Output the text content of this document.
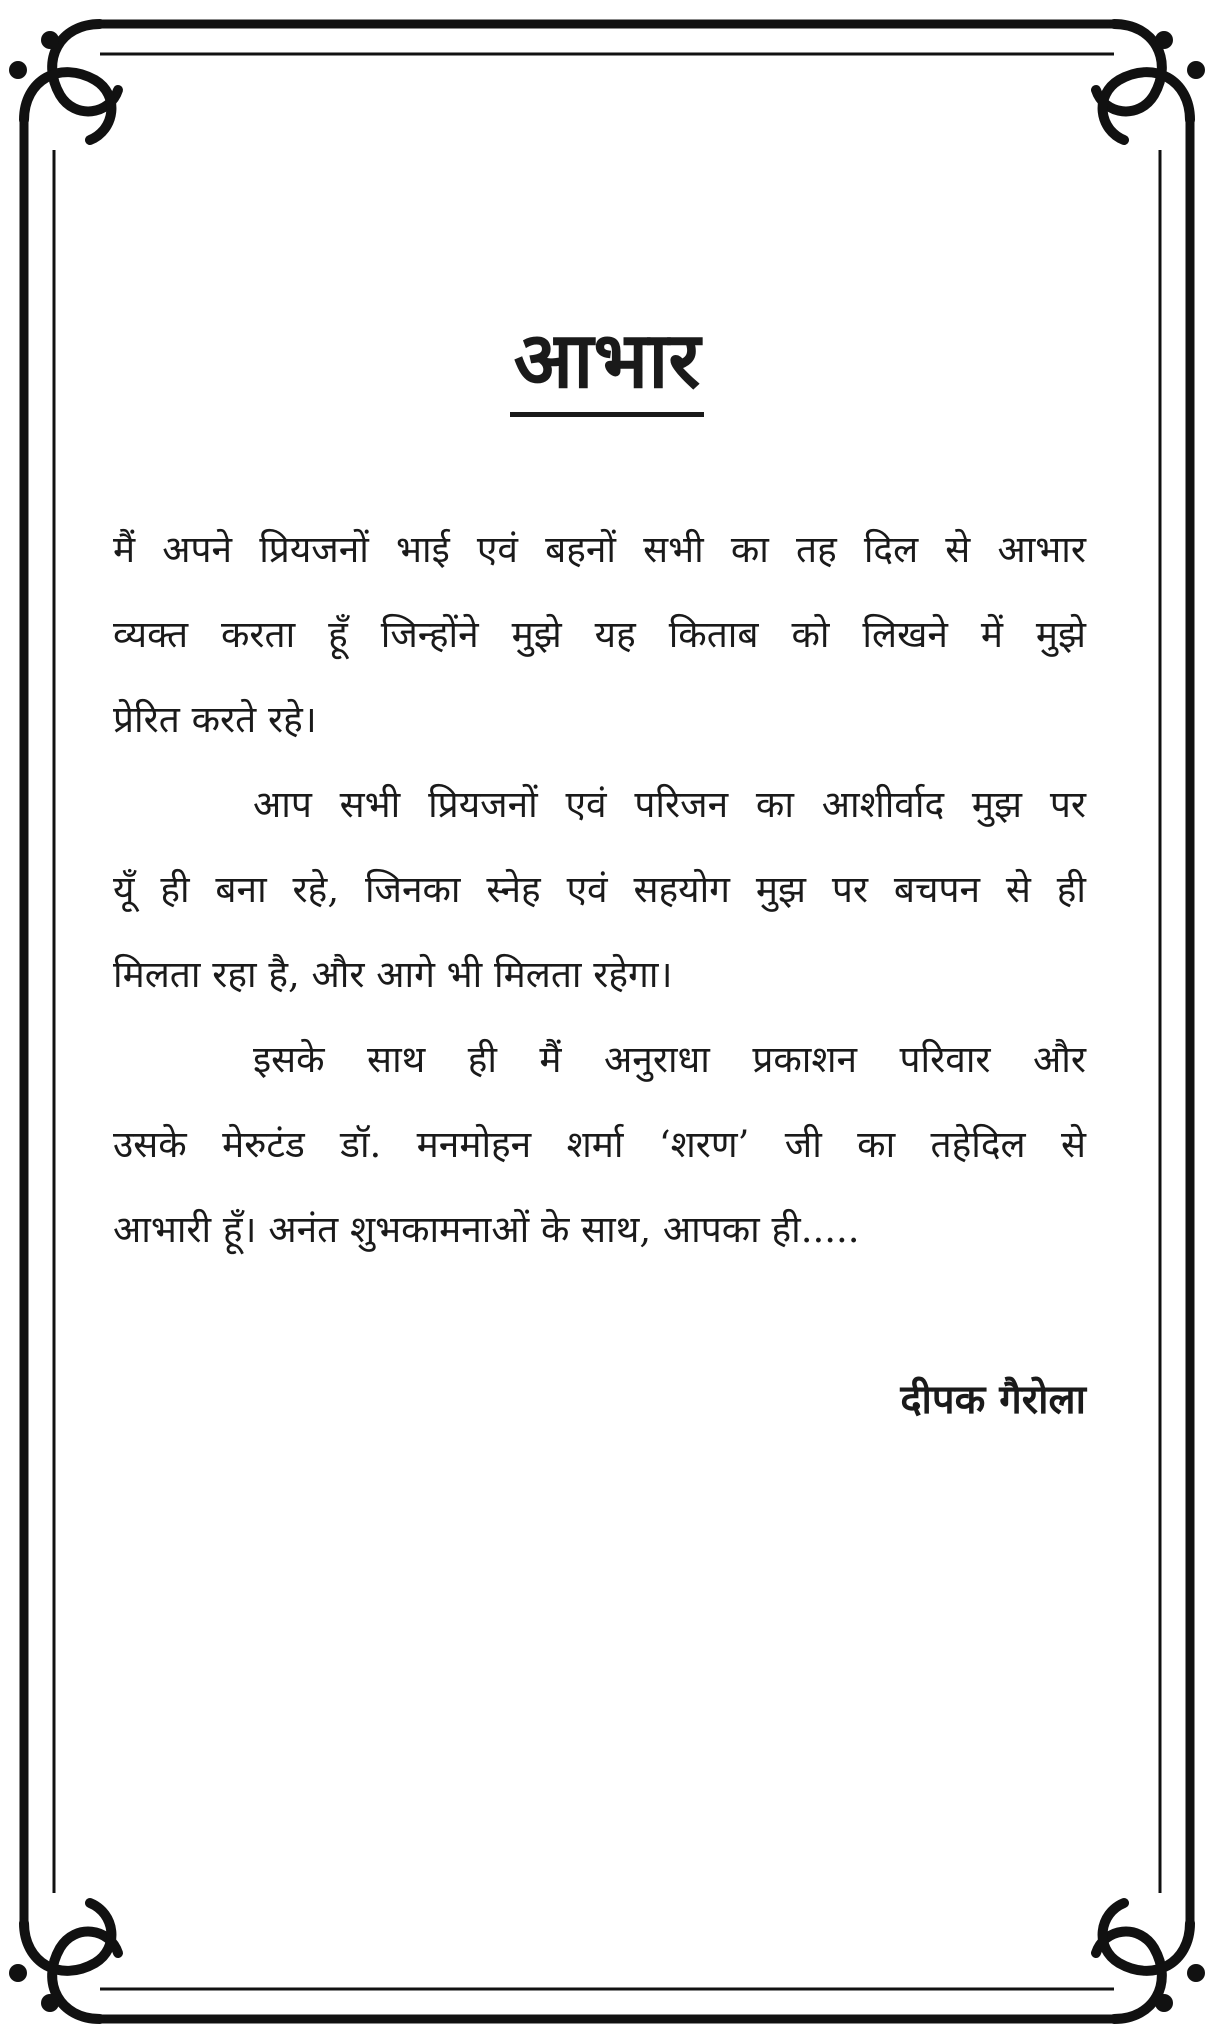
आभार
मैं अपने प्रियजनों भाई एवं बहनों सभी का तह दिल से आभार
व्यक्त करता हूँ जिन्होंने मुझे यह किताब को लिखने में मुझे
प्रेरित करते रहे।
आप सभी प्रियजनों एवं परिजन का आशीर्वाद मुझ पर
यूँ ही बना रहे, जिनका स्नेह एवं सहयोग मुझ पर बचपन से ही
मिलता रहा है, और आगे भी मिलता रहेगा।
इसके साथ ही मैं अनुराधा प्रकाशन परिवार और
उसके मेरुटंड डॉ. मनमोहन शर्मा ‘शरण’ जी का तहेदिल से
आभारी हूँ। अनंत शुभकामनाओं के साथ, आपका ही.....
दीपक गैरोला
